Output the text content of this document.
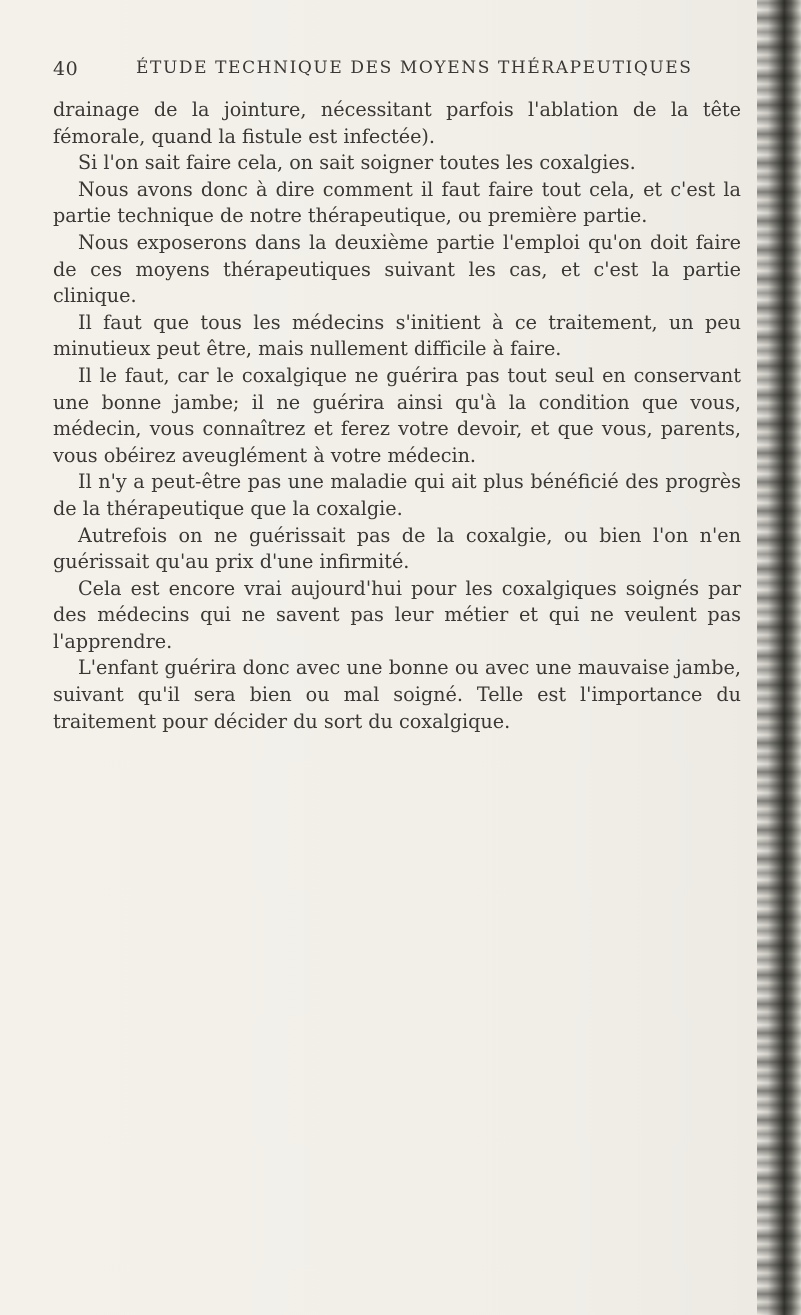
40	ÉTUDE TECHNIQUE DES MOYENS THÉRAPEUTIQUES

drainage de la jointure, nécessitant parfois l'ablation de la tête fémorale, quand la fistule est infectée).

Si l'on sait faire cela, on sait soigner toutes les coxalgies.

Nous avons donc à dire comment il faut faire tout cela, et c'est la partie technique de notre thérapeutique, ou première partie.

Nous exposerons dans la deuxième partie l'emploi qu'on doit faire de ces moyens thérapeutiques suivant les cas, et c'est la partie clinique.

Il faut que tous les médecins s'initient à ce traitement, un peu minutieux peut être, mais nullement difficile à faire.

Il le faut, car le coxalgique ne guérira pas tout seul en conservant une bonne jambe; il ne guérira ainsi qu'à la condition que vous, médecin, vous connaîtrez et ferez votre devoir, et que vous, parents, vous obéirez aveuglément à votre médecin.

Il n'y a peut-être pas une maladie qui ait plus bénéficié des progrès de la thérapeutique que la coxalgie.

Autrefois on ne guérissait pas de la coxalgie, ou bien l'on n'en guérissait qu'au prix d'une infirmité.

Cela est encore vrai aujourd'hui pour les coxalgiques soignés par des médecins qui ne savent pas leur métier et qui ne veulent pas l'apprendre.

L'enfant guérira donc avec une bonne ou avec une mauvaise jambe, suivant qu'il sera bien ou mal soigné. Telle est l'importance du traitement pour décider du sort du coxalgique.
